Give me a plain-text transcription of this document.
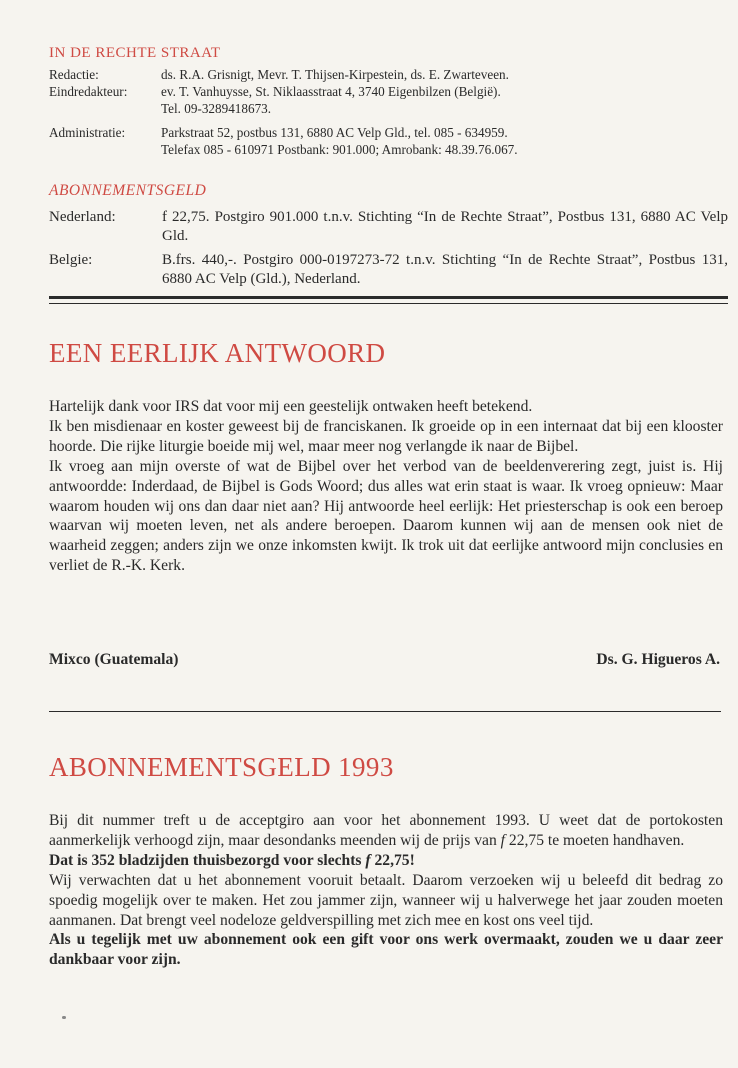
IN DE RECHTE STRAAT
Redactie:	ds. R.A. Grisnigt, Mevr. T. Thijsen-Kirpestein, ds. E. Zwarteveen.
Eindredakteur:	ev. T. Vanhuysse, St. Niklaasstraat 4, 3740 Eigenbilzen (België).
Tel. 09-3289418673.
Administratie:	Parkstraat 52, postbus 131, 6880 AC Velp Gld., tel. 085 - 634959.
Telefax 085 - 610971 Postbank: 901.000; Amrobank: 48.39.76.067.
ABONNEMENTSGELD
Nederland:	f 22,75. Postgiro 901.000 t.n.v. Stichting “In de Rechte Straat”, Postbus 131, 6880 AC Velp Gld.
Belgie:	B.frs. 440,-. Postgiro 000-0197273-72 t.n.v. Stichting “In de Rechte Straat”, Postbus 131, 6880 AC Velp (Gld.), Nederland.
EEN EERLIJK ANTWOORD

Hartelijk dank voor IRS dat voor mij een geestelijk ontwaken heeft betekend.

Ik ben misdienaar en koster geweest bij de franciskanen. Ik groeide op in een internaat dat bij een klooster hoorde. Die rijke liturgie boeide mij wel, maar meer nog verlangde ik naar de Bijbel.

Ik vroeg aan mijn overste of wat de Bijbel over het verbod van de beeldenverering zegt, juist is. Hij antwoordde: Inderdaad, de Bijbel is Gods Woord; dus alles wat erin staat is waar. Ik vroeg opnieuw: Maar waarom houden wij ons dan daar niet aan? Hij antwoorde heel eerlijk: Het priesterschap is ook een beroep waarvan wij moeten leven, net als andere beroepen. Daarom kunnen wij aan de mensen ook niet de waarheid zeggen; anders zijn we onze inkomsten kwijt. Ik trok uit dat eerlijke antwoord mijn conclusies en verliet de R.-K. Kerk.

Mixco (Guatemala)	Ds. G. Higueros A.
ABONNEMENTSGELD 1993

Bij dit nummer treft u de acceptgiro aan voor het abonnement 1993. U weet dat de portokosten aanmerkelijk verhoogd zijn, maar desondanks meenden wij de prijs van f 22,75 te moeten handhaven.

Dat is 352 bladzijden thuisbezorgd voor slechts f 22,75!

Wij verwachten dat u het abonnement vooruit betaalt. Daarom verzoeken wij u beleefd dit bedrag zo spoedig mogelijk over te maken. Het zou jammer zijn, wanneer wij u halverwege het jaar zouden moeten aanmanen. Dat brengt veel nodeloze geldverspilling met zich mee en kost ons veel tijd.

Als u tegelijk met uw abonnement ook een gift voor ons werk overmaakt, zouden we u daar zeer dankbaar voor zijn.
